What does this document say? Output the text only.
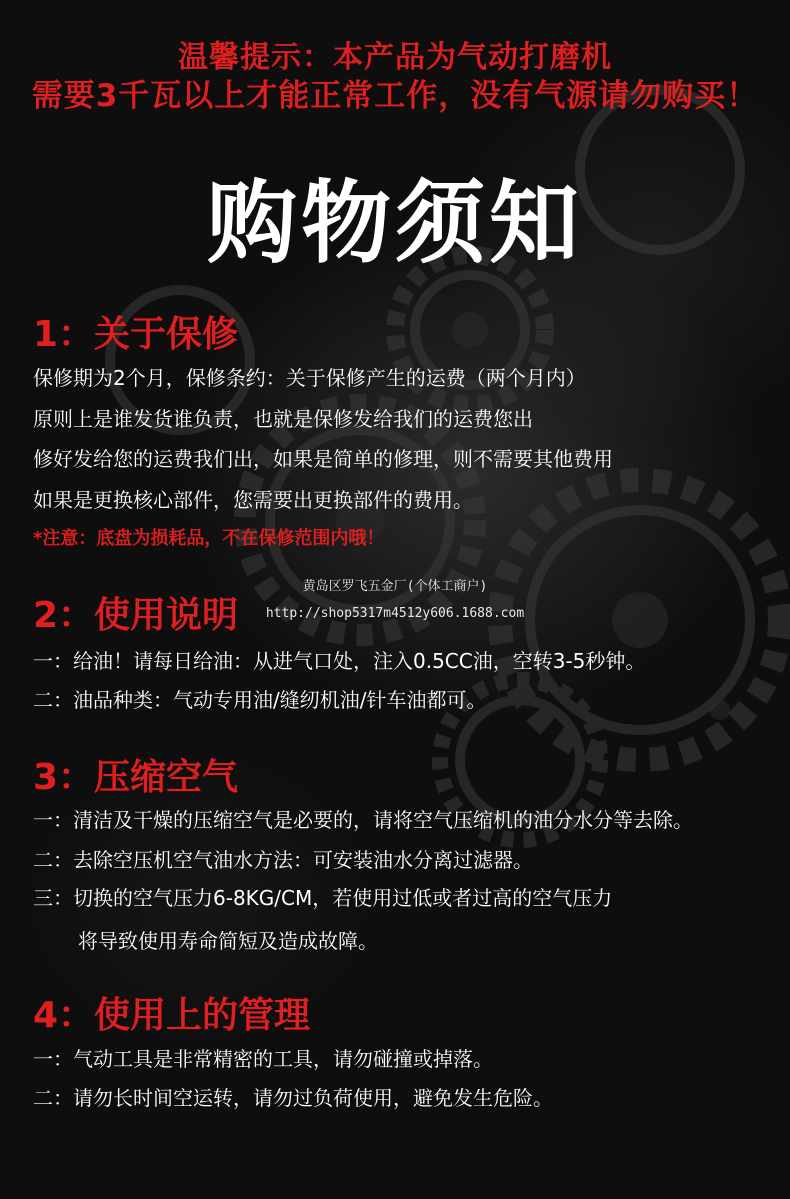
温馨提示：本产品为气动打磨机
需要3千瓦以上才能正常工作，没有气源请勿购买！
购物须知
1：关于保修
保修期为2个月，保修条约：关于保修产生的运费（两个月内）
原则上是谁发货谁负责，也就是保修发给我们的运费您出
修好发给您的运费我们出，如果是简单的修理，则不需要其他费用
如果是更换核心部件，您需要出更换部件的费用。
*注意：底盘为损耗品，不在保修范围内哦！
黄岛区罗飞五金厂(个体工商户)
http://shop5317m4512y606.1688.com
2：使用说明
一：给油！请每日给油：从进气口处，注入0.5CC油，空转3-5秒钟。
二：油品种类：气动专用油/缝纫机油/针车油都可。
3：压缩空气
一：清洁及干燥的压缩空气是必要的，请将空气压缩机的油分水分等去除。
二：去除空压机空气油水方法：可安装油水分离过滤器。
三：切换的空气压力6-8KG/CM，若使用过低或者过高的空气压力
将导致使用寿命简短及造成故障。
4：使用上的管理
一：气动工具是非常精密的工具，请勿碰撞或掉落。
二：请勿长时间空运转，请勿过负荷使用，避免发生危险。
